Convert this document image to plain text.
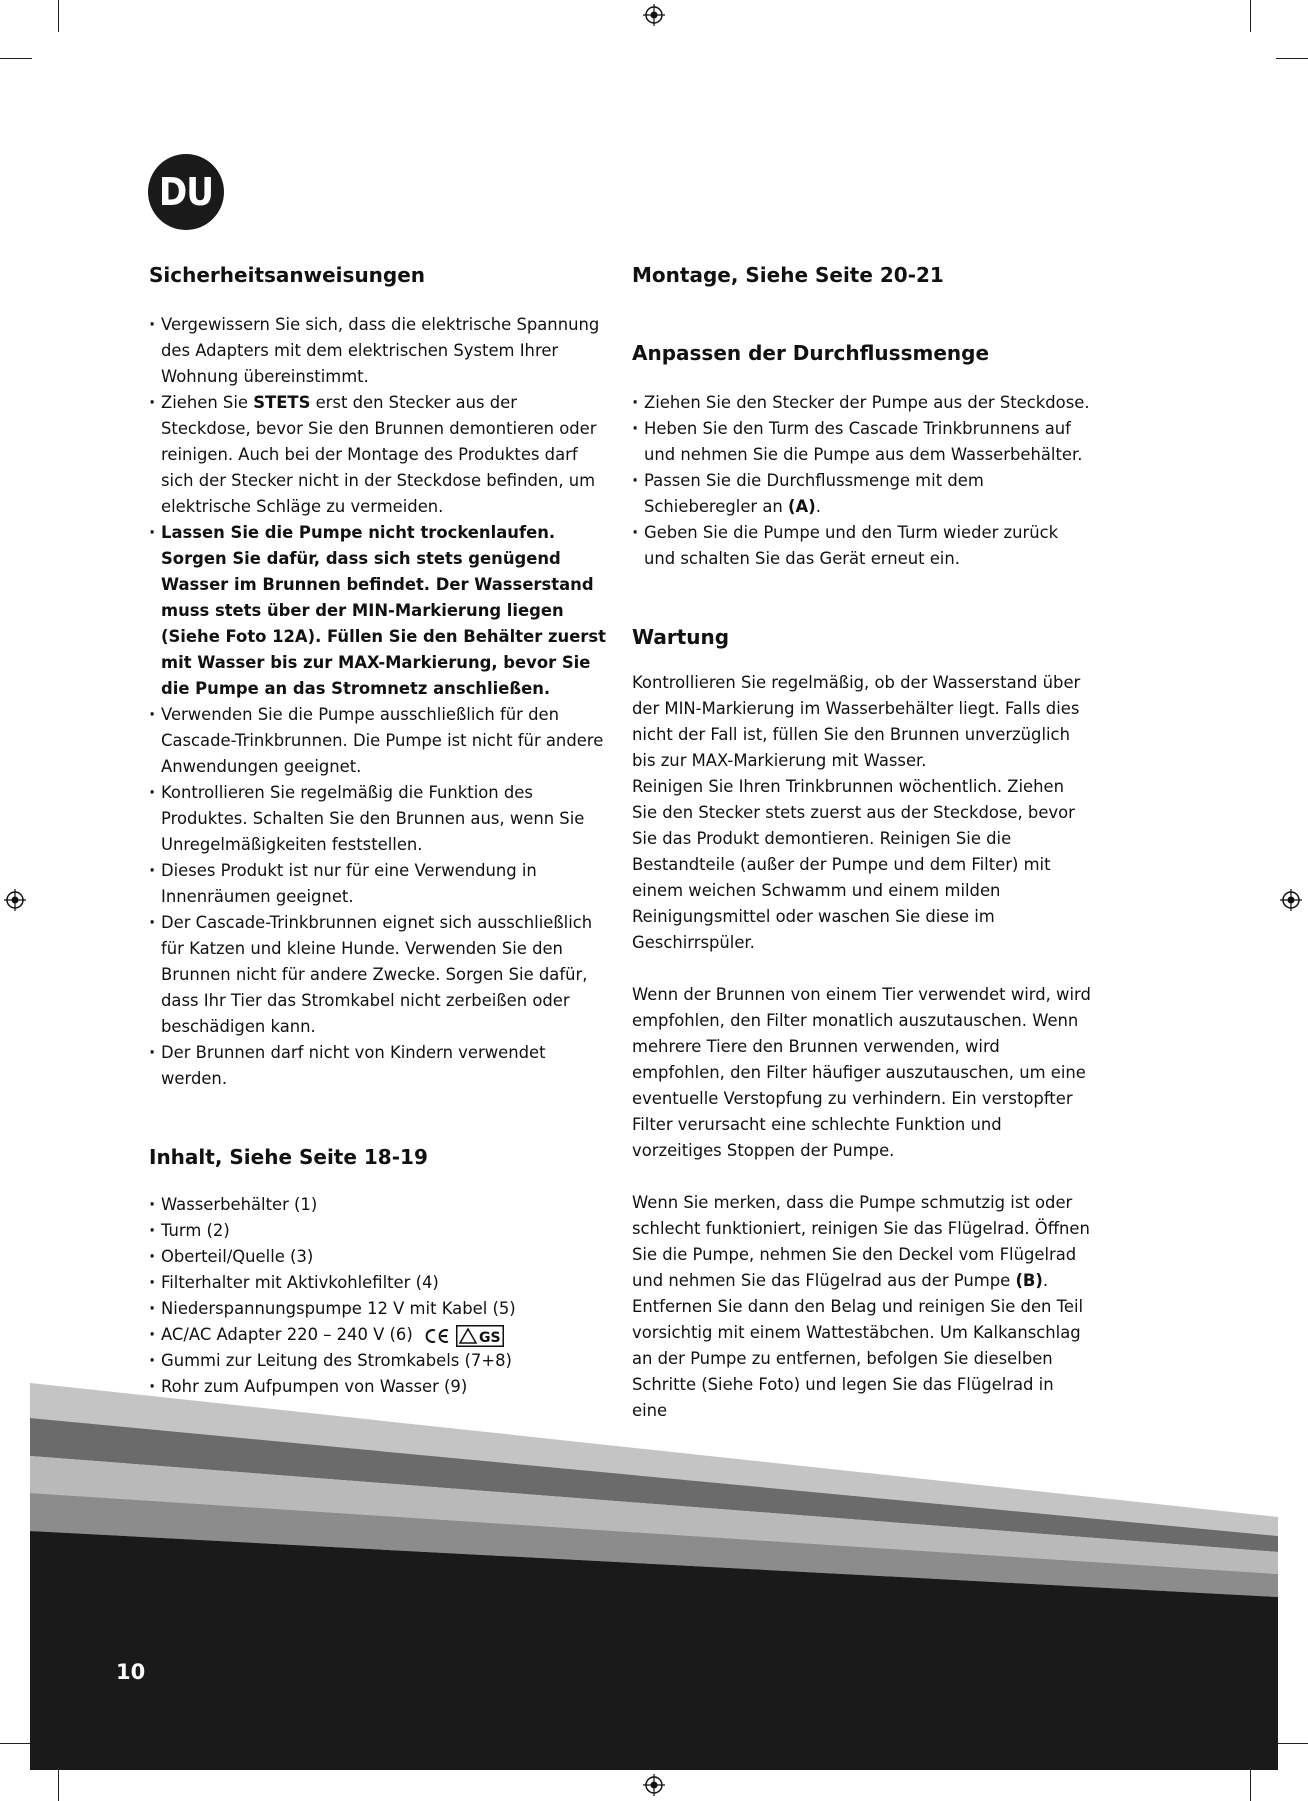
DU
Sicherheitsanweisungen
· Vergewissern Sie sich, dass die elektrische Spannung des Adapters mit dem elektrischen System Ihrer Wohnung übereinstimmt.
· Ziehen Sie STETS erst den Stecker aus der Steckdose, bevor Sie den Brunnen demontieren oder reinigen. Auch bei der Montage des Produktes darf sich der Stecker nicht in der Steckdose befinden, um elektrische Schläge zu vermeiden.
· Lassen Sie die Pumpe nicht trockenlaufen. Sorgen Sie dafür, dass sich stets genügend Wasser im Brunnen befindet. Der Wasserstand muss stets über der MIN-Markierung liegen (Siehe Foto 12A). Füllen Sie den Behälter zuerst mit Wasser bis zur MAX-Markierung, bevor Sie die Pumpe an das Stromnetz anschließen.
· Verwenden Sie die Pumpe ausschließlich für den Cascade-Trinkbrunnen. Die Pumpe ist nicht für andere Anwendungen geeignet.
· Kontrollieren Sie regelmäßig die Funktion des Produktes. Schalten Sie den Brunnen aus, wenn Sie Unregelmäßigkeiten feststellen.
· Dieses Produkt ist nur für eine Verwendung in Innenräumen geeignet.
· Der Cascade-Trinkbrunnen eignet sich ausschließlich für Katzen und kleine Hunde. Verwenden Sie den Brunnen nicht für andere Zwecke. Sorgen Sie dafür, dass Ihr Tier das Stromkabel nicht zerbeißen oder beschädigen kann.
· Der Brunnen darf nicht von Kindern verwendet werden.
Inhalt, Siehe Seite 18-19
· Wasserbehälter (1)
· Turm (2)
· Oberteil/Quelle (3)
· Filterhalter mit Aktivkohlefilter (4)
· Niederspannungspumpe 12 V mit Kabel (5)
· AC/AC Adapter 220 – 240 V (6)	GS
· Gummi zur Leitung des Stromkabels (7+8)
· Rohr zum Aufpumpen von Wasser (9)
Montage, Siehe Seite 20-21
Anpassen der Durchflussmenge
· Ziehen Sie den Stecker der Pumpe aus der Steckdose.
· Heben Sie den Turm des Cascade Trinkbrunnens auf und nehmen Sie die Pumpe aus dem Wasserbehälter.
· Passen Sie die Durchflussmenge mit dem Schieberegler an (A).
· Geben Sie die Pumpe und den Turm wieder zurück und schalten Sie das Gerät erneut ein.
Wartung

Kontrollieren Sie regelmäßig, ob der Wasserstand über der MIN-Markierung im Wasserbehälter liegt. Falls dies nicht der Fall ist, füllen Sie den Brunnen unverzüglich bis zur MAX-Markierung mit Wasser.

Reinigen Sie Ihren Trinkbrunnen wöchentlich. Ziehen Sie den Stecker stets zuerst aus der Steckdose, bevor Sie das Produkt demontieren. Reinigen Sie die Bestandteile (außer der Pumpe und dem Filter) mit einem weichen Schwamm und einem milden Reinigungsmittel oder waschen Sie diese im Geschirrspüler.

Wenn der Brunnen von einem Tier verwendet wird, wird empfohlen, den Filter monatlich auszutauschen. Wenn mehrere Tiere den Brunnen verwenden, wird empfohlen, den Filter häufiger auszutauschen, um eine eventuelle Verstopfung zu verhindern. Ein verstopfter Filter verursacht eine schlechte Funktion und vorzeitiges Stoppen der Pumpe.

Wenn Sie merken, dass die Pumpe schmutzig ist oder schlecht funktioniert, reinigen Sie das Flügelrad. Öffnen Sie die Pumpe, nehmen Sie den Deckel vom Flügelrad und nehmen Sie das Flügelrad aus der Pumpe (B). Entfernen Sie dann den Belag und reinigen Sie den Teil vorsichtig mit einem Wattestäbchen. Um Kalkanschlag an der Pumpe zu entfernen, befolgen Sie dieselben Schritte (Siehe Foto) und legen Sie das Flügelrad in eine

10
